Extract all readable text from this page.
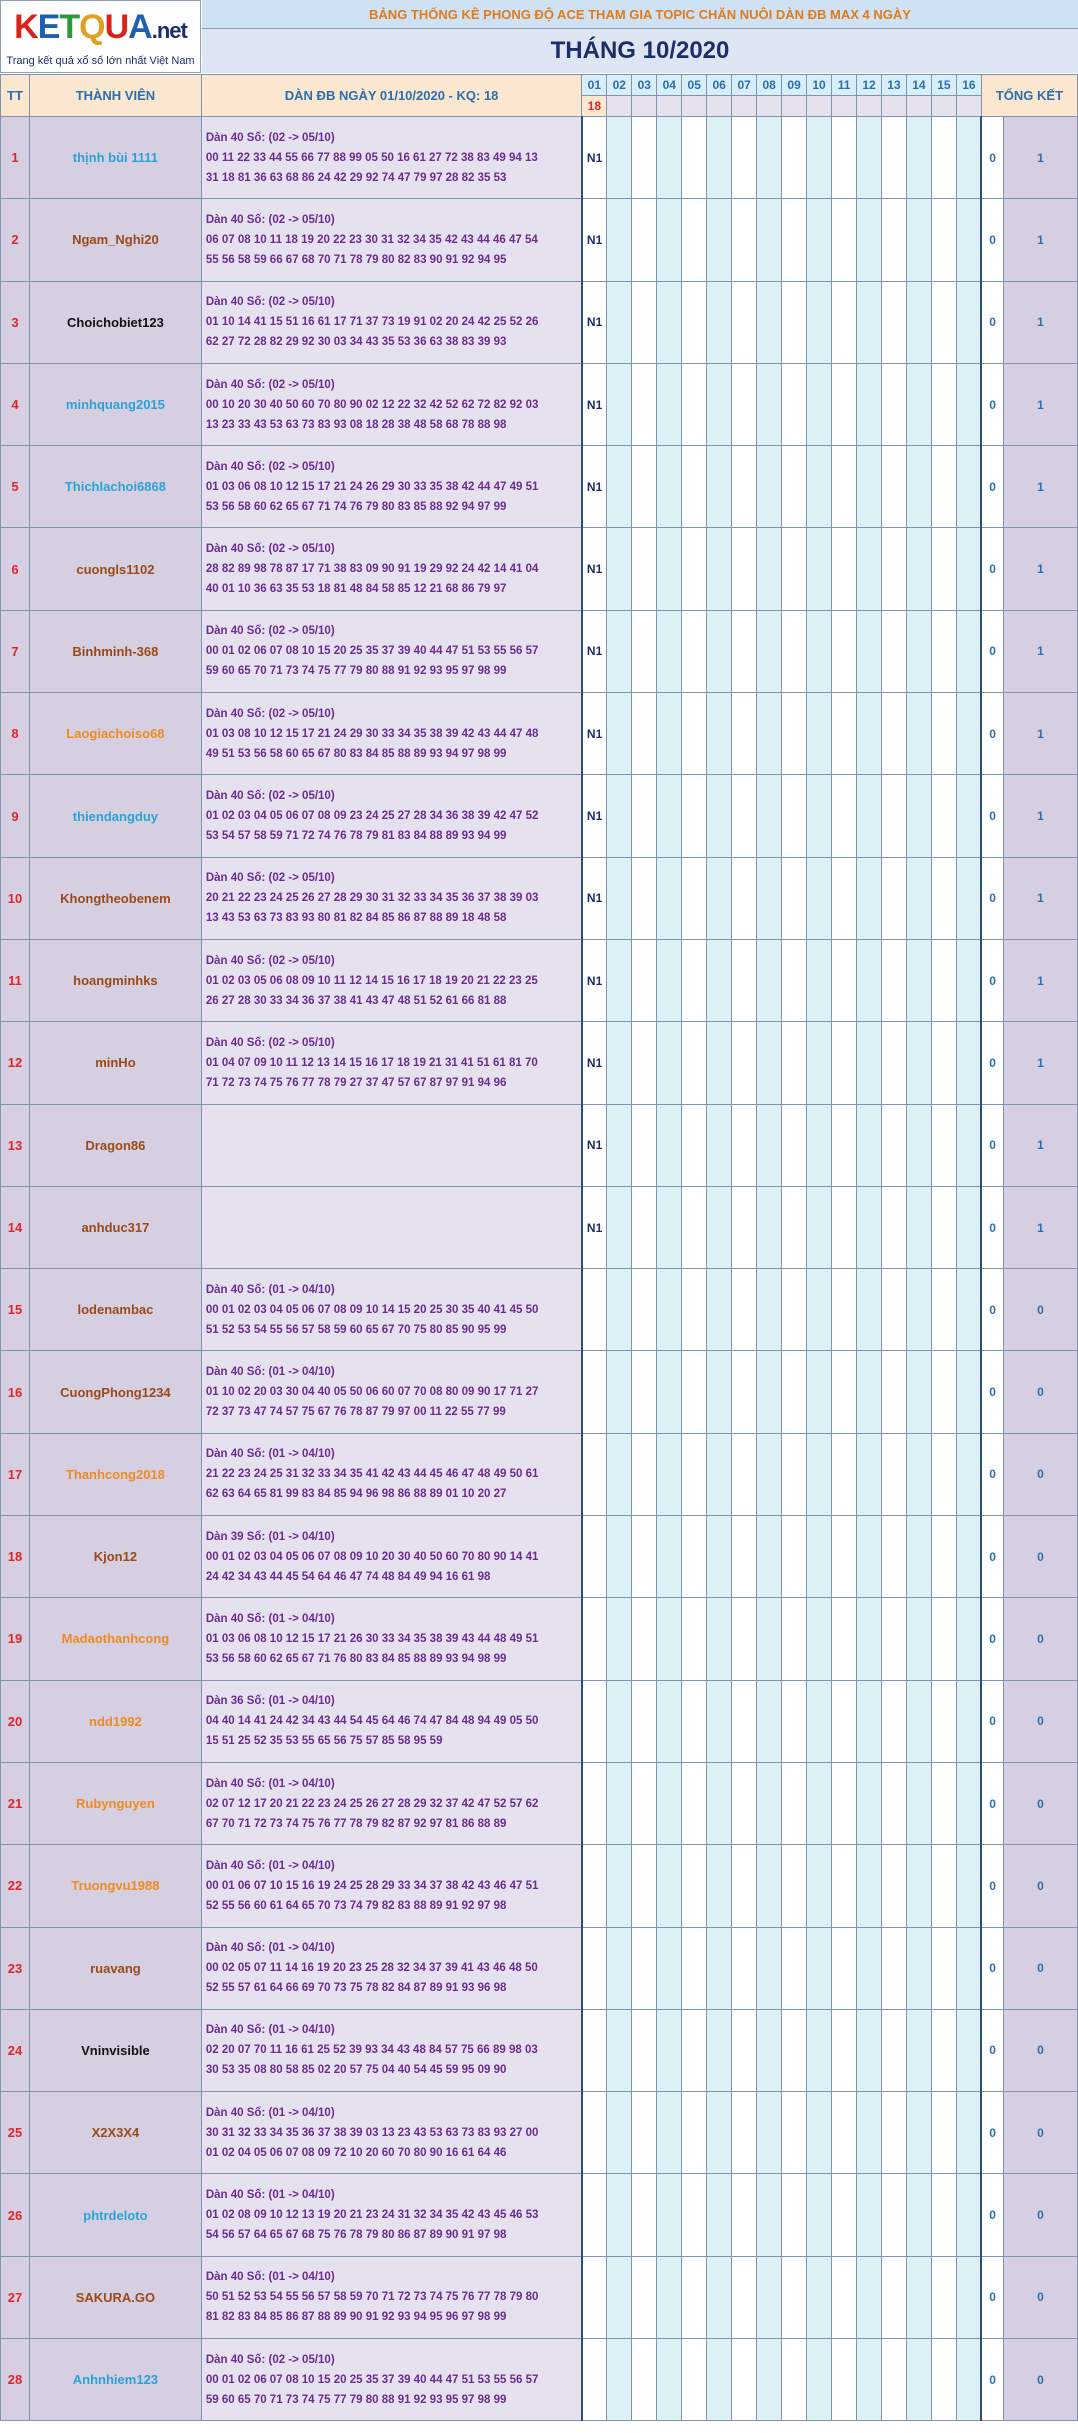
KETQUA.net
Trang kết quả xổ số lớn nhất Việt Nam
BẢNG THỐNG KÊ PHONG ĐỘ ACE THAM GIA TOPIC CHĂN NUÔI DÀN ĐB MAX 4 NGÀY
THÁNG 10/2020
TT	THÀNH VIÊN	DÀN ĐB NGÀY 01/10/2020 - KQ: 18	01	02	03	04	05	06	07	08	09	10	11	12	13	14	15	16	TỔNG KẾT	
			18																	
1	thịnh bùi 1111	Dàn 40 Số: (02 -> 05/10)
00 11 22 33 44 55 66 77 88 99 05 50 16 61 27 72 38 83 49 94 13
31 18 81 36 63 68 86 24 42 29 92 74 47 79 97 28 82 35 53	N1																0	1
2	Ngam_Nghi20	Dàn 40 Số: (02 -> 05/10)
06 07 08 10 11 18 19 20 22 23 30 31 32 34 35 42 43 44 46 47 54
55 56 58 59 66 67 68 70 71 78 79 80 82 83 90 91 92 94 95	N1																0	1
3	Choichobiet123	Dàn 40 Số: (02 -> 05/10)
01 10 14 41 15 51 16 61 17 71 37 73 19 91 02 20 24 42 25 52 26
62 27 72 28 82 29 92 30 03 34 43 35 53 36 63 38 83 39 93	N1																0	1
4	minhquang2015	Dàn 40 Số: (02 -> 05/10)
00 10 20 30 40 50 60 70 80 90 02 12 22 32 42 52 62 72 82 92 03
13 23 33 43 53 63 73 83 93 08 18 28 38 48 58 68 78 88 98	N1																0	1
5	Thichlachoi6868	Dàn 40 Số: (02 -> 05/10)
01 03 06 08 10 12 15 17 21 24 26 29 30 33 35 38 42 44 47 49 51
53 56 58 60 62 65 67 71 74 76 79 80 83 85 88 92 94 97 99	N1																0	1
6	cuongls1102	Dàn 40 Số: (02 -> 05/10)
28 82 89 98 78 87 17 71 38 83 09 90 91 19 29 92 24 42 14 41 04
40 01 10 36 63 35 53 18 81 48 84 58 85 12 21 68 86 79 97	N1																0	1
7	Binhminh-368	Dàn 40 Số: (02 -> 05/10)
00 01 02 06 07 08 10 15 20 25 35 37 39 40 44 47 51 53 55 56 57
59 60 65 70 71 73 74 75 77 79 80 88 91 92 93 95 97 98 99	N1																0	1
8	Laogiachoiso68	Dàn 40 Số: (02 -> 05/10)
01 03 08 10 12 15 17 21 24 29 30 33 34 35 38 39 42 43 44 47 48
49 51 53 56 58 60 65 67 80 83 84 85 88 89 93 94 97 98 99	N1																0	1
9	thiendangduy	Dàn 40 Số: (02 -> 05/10)
01 02 03 04 05 06 07 08 09 23 24 25 27 28 34 36 38 39 42 47 52
53 54 57 58 59 71 72 74 76 78 79 81 83 84 88 89 93 94 99	N1																0	1
10	Khongtheobenem	Dàn 40 Số: (02 -> 05/10)
20 21 22 23 24 25 26 27 28 29 30 31 32 33 34 35 36 37 38 39 03
13 43 53 63 73 83 93 80 81 82 84 85 86 87 88 89 18 48 58	N1																0	1
11	hoangminhks	Dàn 40 Số: (02 -> 05/10)
01 02 03 05 06 08 09 10 11 12 14 15 16 17 18 19 20 21 22 23 25
26 27 28 30 33 34 36 37 38 41 43 47 48 51 52 61 66 81 88	N1																0	1
12	minHo	Dàn 40 Số: (02 -> 05/10)
01 04 07 09 10 11 12 13 14 15 16 17 18 19 21 31 41 51 61 81 70
71 72 73 74 75 76 77 78 79 27 37 47 57 67 87 97 91 94 96	N1																0	1
13	Dragon86		N1																0	1
14	anhduc317		N1																0	1
15	lodenambac	Dàn 40 Số: (01 -> 04/10)
00 01 02 03 04 05 06 07 08 09 10 14 15 20 25 30 35 40 41 45 50
51 52 53 54 55 56 57 58 59 60 65 67 70 75 80 85 90 95 99																	0	0
16	CuongPhong1234	Dàn 40 Số: (01 -> 04/10)
01 10 02 20 03 30 04 40 05 50 06 60 07 70 08 80 09 90 17 71 27
72 37 73 47 74 57 75 67 76 78 87 79 97 00 11 22 55 77 99																	0	0
17	Thanhcong2018	Dàn 40 Số: (01 -> 04/10)
21 22 23 24 25 31 32 33 34 35 41 42 43 44 45 46 47 48 49 50 61
62 63 64 65 81 99 83 84 85 94 96 98 86 88 89 01 10 20 27																	0	0
18	Kjon12	Dàn 39 Số: (01 -> 04/10)
00 01 02 03 04 05 06 07 08 09 10 20 30 40 50 60 70 80 90 14 41
24 42 34 43 44 45 54 64 46 47 74 48 84 49 94 16 61 98																	0	0
19	Madaothanhcong	Dàn 40 Số: (01 -> 04/10)
01 03 06 08 10 12 15 17 21 26 30 33 34 35 38 39 43 44 48 49 51
53 56 58 60 62 65 67 71 76 80 83 84 85 88 89 93 94 98 99																	0	0
20	ndd1992	Dàn 36 Số: (01 -> 04/10)
04 40 14 41 24 42 34 43 44 54 45 64 46 74 47 84 48 94 49 05 50
15 51 25 52 35 53 55 65 56 75 57 85 58 95 59																	0	0
21	Rubynguyen	Dàn 40 Số: (01 -> 04/10)
02 07 12 17 20 21 22 23 24 25 26 27 28 29 32 37 42 47 52 57 62
67 70 71 72 73 74 75 76 77 78 79 82 87 92 97 81 86 88 89																	0	0
22	Truongvu1988	Dàn 40 Số: (01 -> 04/10)
00 01 06 07 10 15 16 19 24 25 28 29 33 34 37 38 42 43 46 47 51
52 55 56 60 61 64 65 70 73 74 79 82 83 88 89 91 92 97 98																	0	0
23	ruavang	Dàn 40 Số: (01 -> 04/10)
00 02 05 07 11 14 16 19 20 23 25 28 32 34 37 39 41 43 46 48 50
52 55 57 61 64 66 69 70 73 75 78 82 84 87 89 91 93 96 98																	0	0
24	Vninvisible	Dàn 40 Số: (01 -> 04/10)
02 20 07 70 11 16 61 25 52 39 93 34 43 48 84 57 75 66 89 98 03
30 53 35 08 80 58 85 02 20 57 75 04 40 54 45 59 95 09 90																	0	0
25	X2X3X4	Dàn 40 Số: (01 -> 04/10)
30 31 32 33 34 35 36 37 38 39 03 13 23 43 53 63 73 83 93 27 00
01 02 04 05 06 07 08 09 72 10 20 60 70 80 90 16 61 64 46																	0	0
26	phtrdeloto	Dàn 40 Số: (01 -> 04/10)
01 02 08 09 10 12 13 19 20 21 23 24 31 32 34 35 42 43 45 46 53
54 56 57 64 65 67 68 75 76 78 79 80 86 87 89 90 91 97 98																	0	0
27	SAKURA.GO	Dàn 40 Số: (01 -> 04/10)
50 51 52 53 54 55 56 57 58 59 70 71 72 73 74 75 76 77 78 79 80
81 82 83 84 85 86 87 88 89 90 91 92 93 94 95 96 97 98 99																	0	0
28	Anhnhiem123	Dàn 40 Số: (02 -> 05/10)
00 01 02 06 07 08 10 15 20 25 35 37 39 40 44 47 51 53 55 56 57
59 60 65 70 71 73 74 75 77 79 80 88 91 92 93 95 97 98 99																	0	0
